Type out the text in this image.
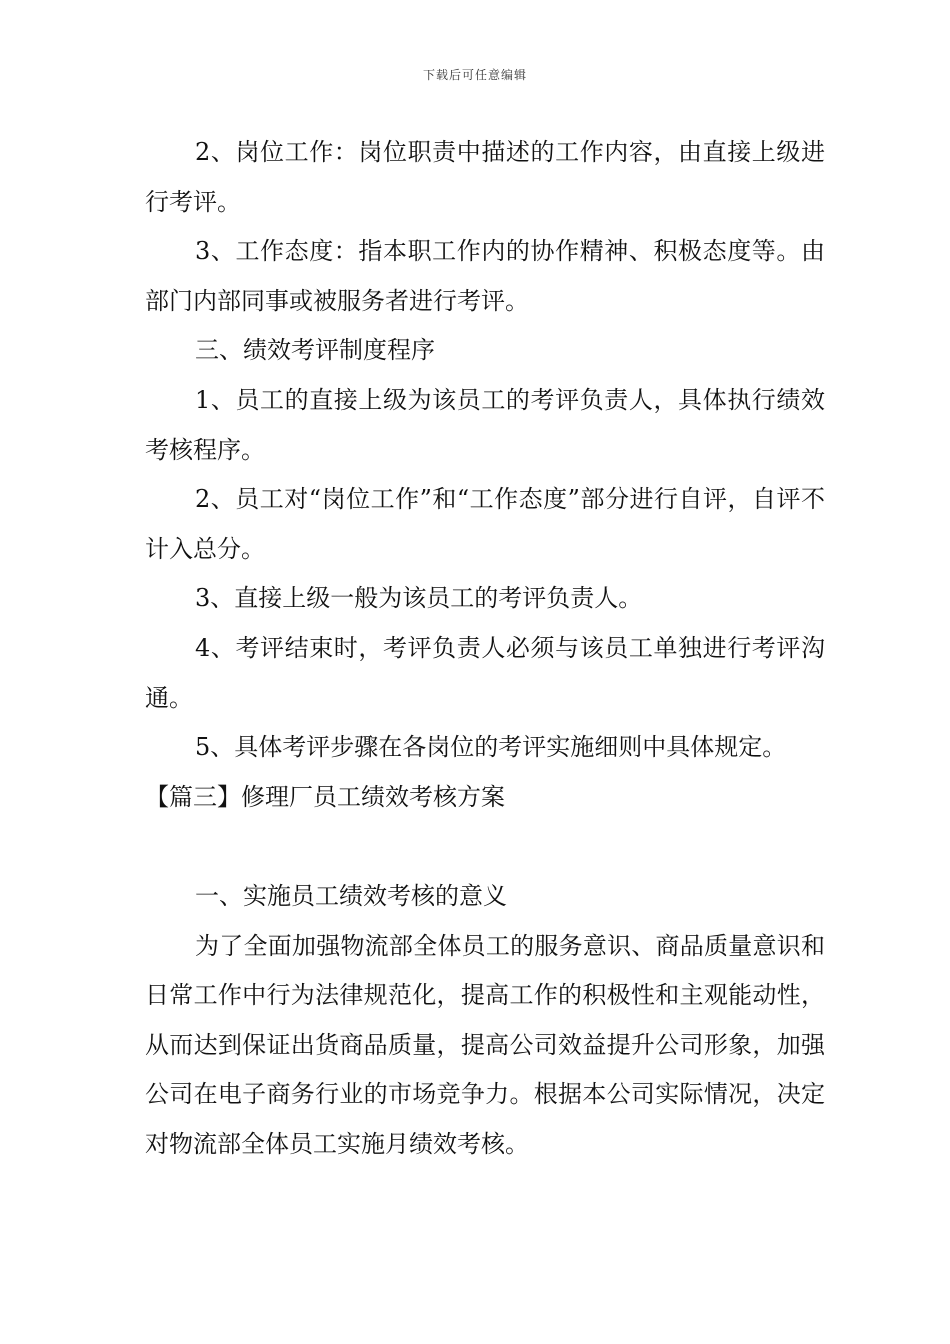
下载后可任意编辑

2、岗位工作：岗位职责中描述的工作内容，由直接上级进行考评。

3、工作态度：指本职工作内的协作精神、积极态度等。由部门内部同事或被服务者进行考评。

三、绩效考评制度程序

1、员工的直接上级为该员工的考评负责人，具体执行绩效考核程序。

2、员工对“岗位工作”和“工作态度”部分进行自评，自评不计入总分。

3、直接上级一般为该员工的考评负责人。

4、考评结束时，考评负责人必须与该员工单独进行考评沟通。

5、具体考评步骤在各岗位的考评实施细则中具体规定。

【篇三】修理厂员工绩效考核方案

一、实施员工绩效考核的意义

为了全面加强物流部全体员工的服务意识、商品质量意识和日常工作中行为法律规范化，提高工作的积极性和主观能动性，从而达到保证出货商品质量，提高公司效益提升公司形象，加强公司在电子商务行业的市场竞争力。根据本公司实际情况，决定对物流部全体员工实施月绩效考核。
